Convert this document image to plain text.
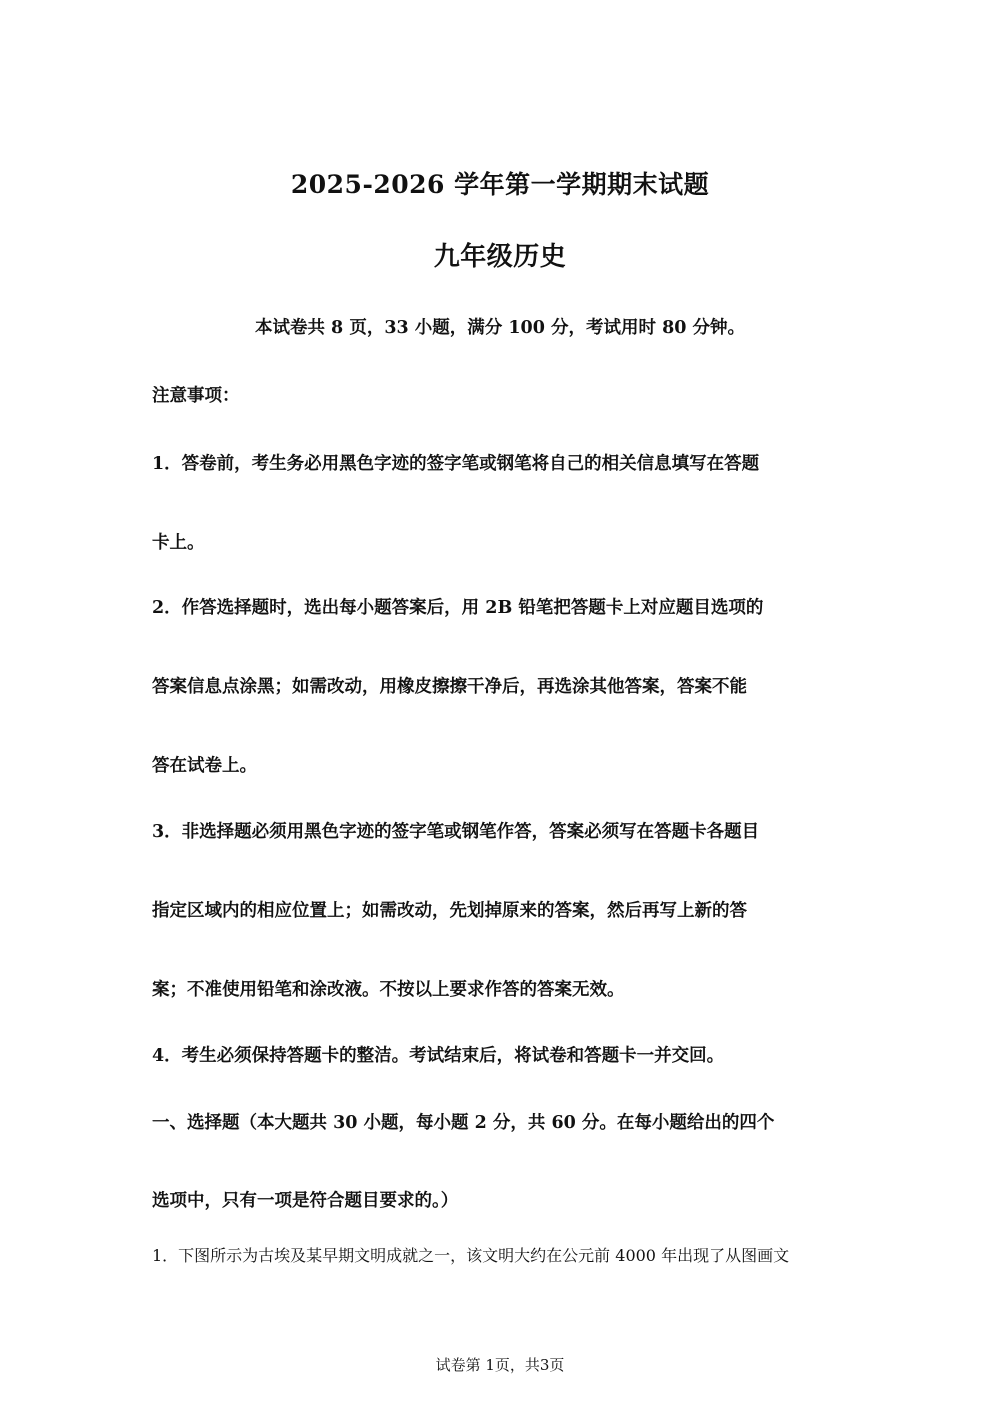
2025-2026 学年第一学期期末试题
九年级历史
本试卷共 8 页，33 小题，满分 100 分，考试用时 80 分钟。
注意事项：
1．答卷前，考生务必用黑色字迹的签字笔或钢笔将自己的相关信息填写在答题
卡上。
2．作答选择题时，选出每小题答案后，用 2B 铅笔把答题卡上对应题目选项的
答案信息点涂黑；如需改动，用橡皮擦擦干净后，再选涂其他答案，答案不能
答在试卷上。
3．非选择题必须用黑色字迹的签字笔或钢笔作答，答案必须写在答题卡各题目
指定区域内的相应位置上；如需改动，先划掉原来的答案，然后再写上新的答
案；不准使用铅笔和涂改液。不按以上要求作答的答案无效。
4．考生必须保持答题卡的整洁。考试结束后，将试卷和答题卡一并交回。
一、选择题（本大题共 30 小题，每小题 2 分，共 60 分。在每小题给出的四个
选项中，只有一项是符合题目要求的。）
1．下图所示为古埃及某早期文明成就之一，该文明大约在公元前 4000 年出现了从图画文
试卷第 1页，共3页
